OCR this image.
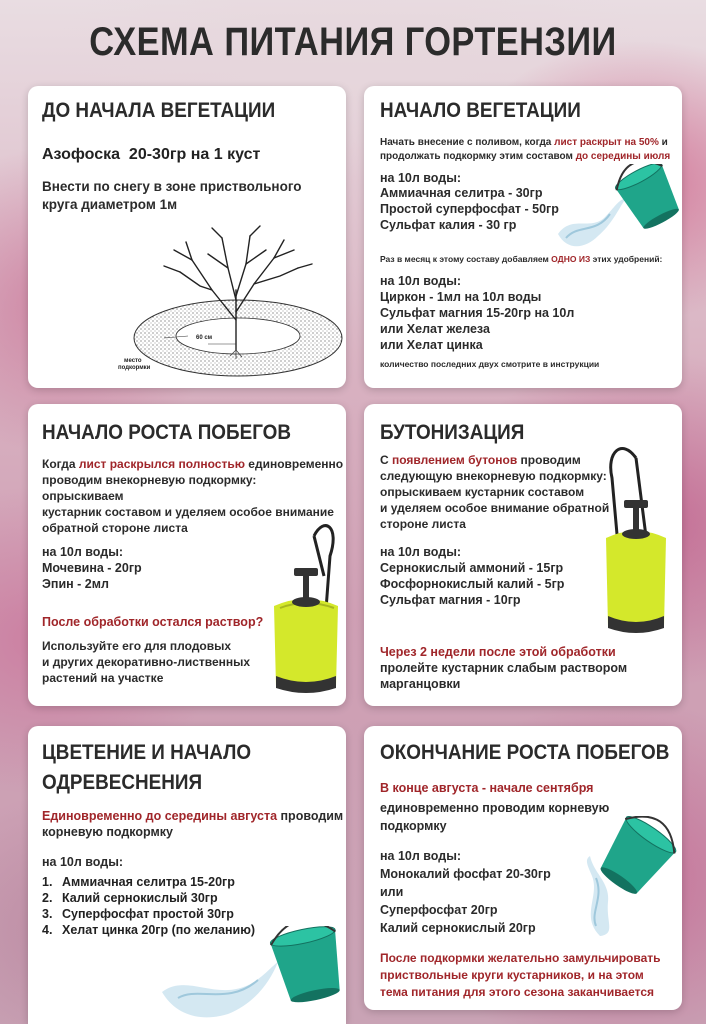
СХЕМА ПИТАНИЯ ГОРТЕНЗИИ
ДО НАЧАЛА ВЕГЕТАЦИИ
Азофоска  20-30гр на 1 куст
Внести по снегу в зоне приствольного
круга диаметром 1м
место
подкормки
60 см
НАЧАЛО ВЕГЕТАЦИИ
Начать внесение с поливом, когда лист раскрыт на 50% и
продолжать подкормку этим составом до середины июля
на 10л воды:
Аммиачная селитра - 30гр
Простой суперфосфат - 50гр
Сульфат калия - 30 гр
Раз в месяц к этому составу добавляем ОДНО ИЗ этих удобрений:
на 10л воды:
Циркон - 1мл на 10л воды
Сульфат магния 15-20гр на 10л
или Хелат железа
или Хелат цинка
количество последних двух смотрите в инструкции
НАЧАЛО РОСТА ПОБЕГОВ
Когда лист раскрылся полностью единовременно
проводим внекорневую подкормку:
опрыскиваем
кустарник составом и уделяем особое внимание
обратной стороне листа
на 10л воды:
Мочевина - 20гр
Эпин - 2мл
После обработки остался раствор?
Используйте его для плодовых
и других декоративно-лиственных
растений на участке
БУТОНИЗАЦИЯ
С появлением бутонов проводим
следующую внекорневую подкормку:
опрыскиваем кустарник составом
и уделяем особое внимание обратной
стороне листа
на 10л воды:
Сернокислый аммоний - 15гр
Фосфорнокислый калий - 5гр
Сульфат магния - 10гр
Через 2 недели после этой обработки
пролейте кустарник слабым раствором
марганцовки
ЦВЕТЕНИЕ И НАЧАЛО
ОДРЕВЕСНЕНИЯ
Единовременно до середины августа проводим
корневую подкормку
на 10л воды:
1. Аммиачная селитра 15-20гр
2. Калий сернокислый 30гр
3. Суперфосфат простой 30гр
4. Хелат цинка 20гр (по желанию)
ОКОНЧАНИЕ РОСТА ПОБЕГОВ
В конце августа - начале сентября
единовременно проводим корневую
подкормку
на 10л воды:
Монокалий фосфат 20-30гр
или
Суперфосфат 20гр
Калий сернокислый 20гр
После подкормки желательно замульчировать
приствольные круги кустарников, и на этом
тема питания для этого сезона заканчивается
